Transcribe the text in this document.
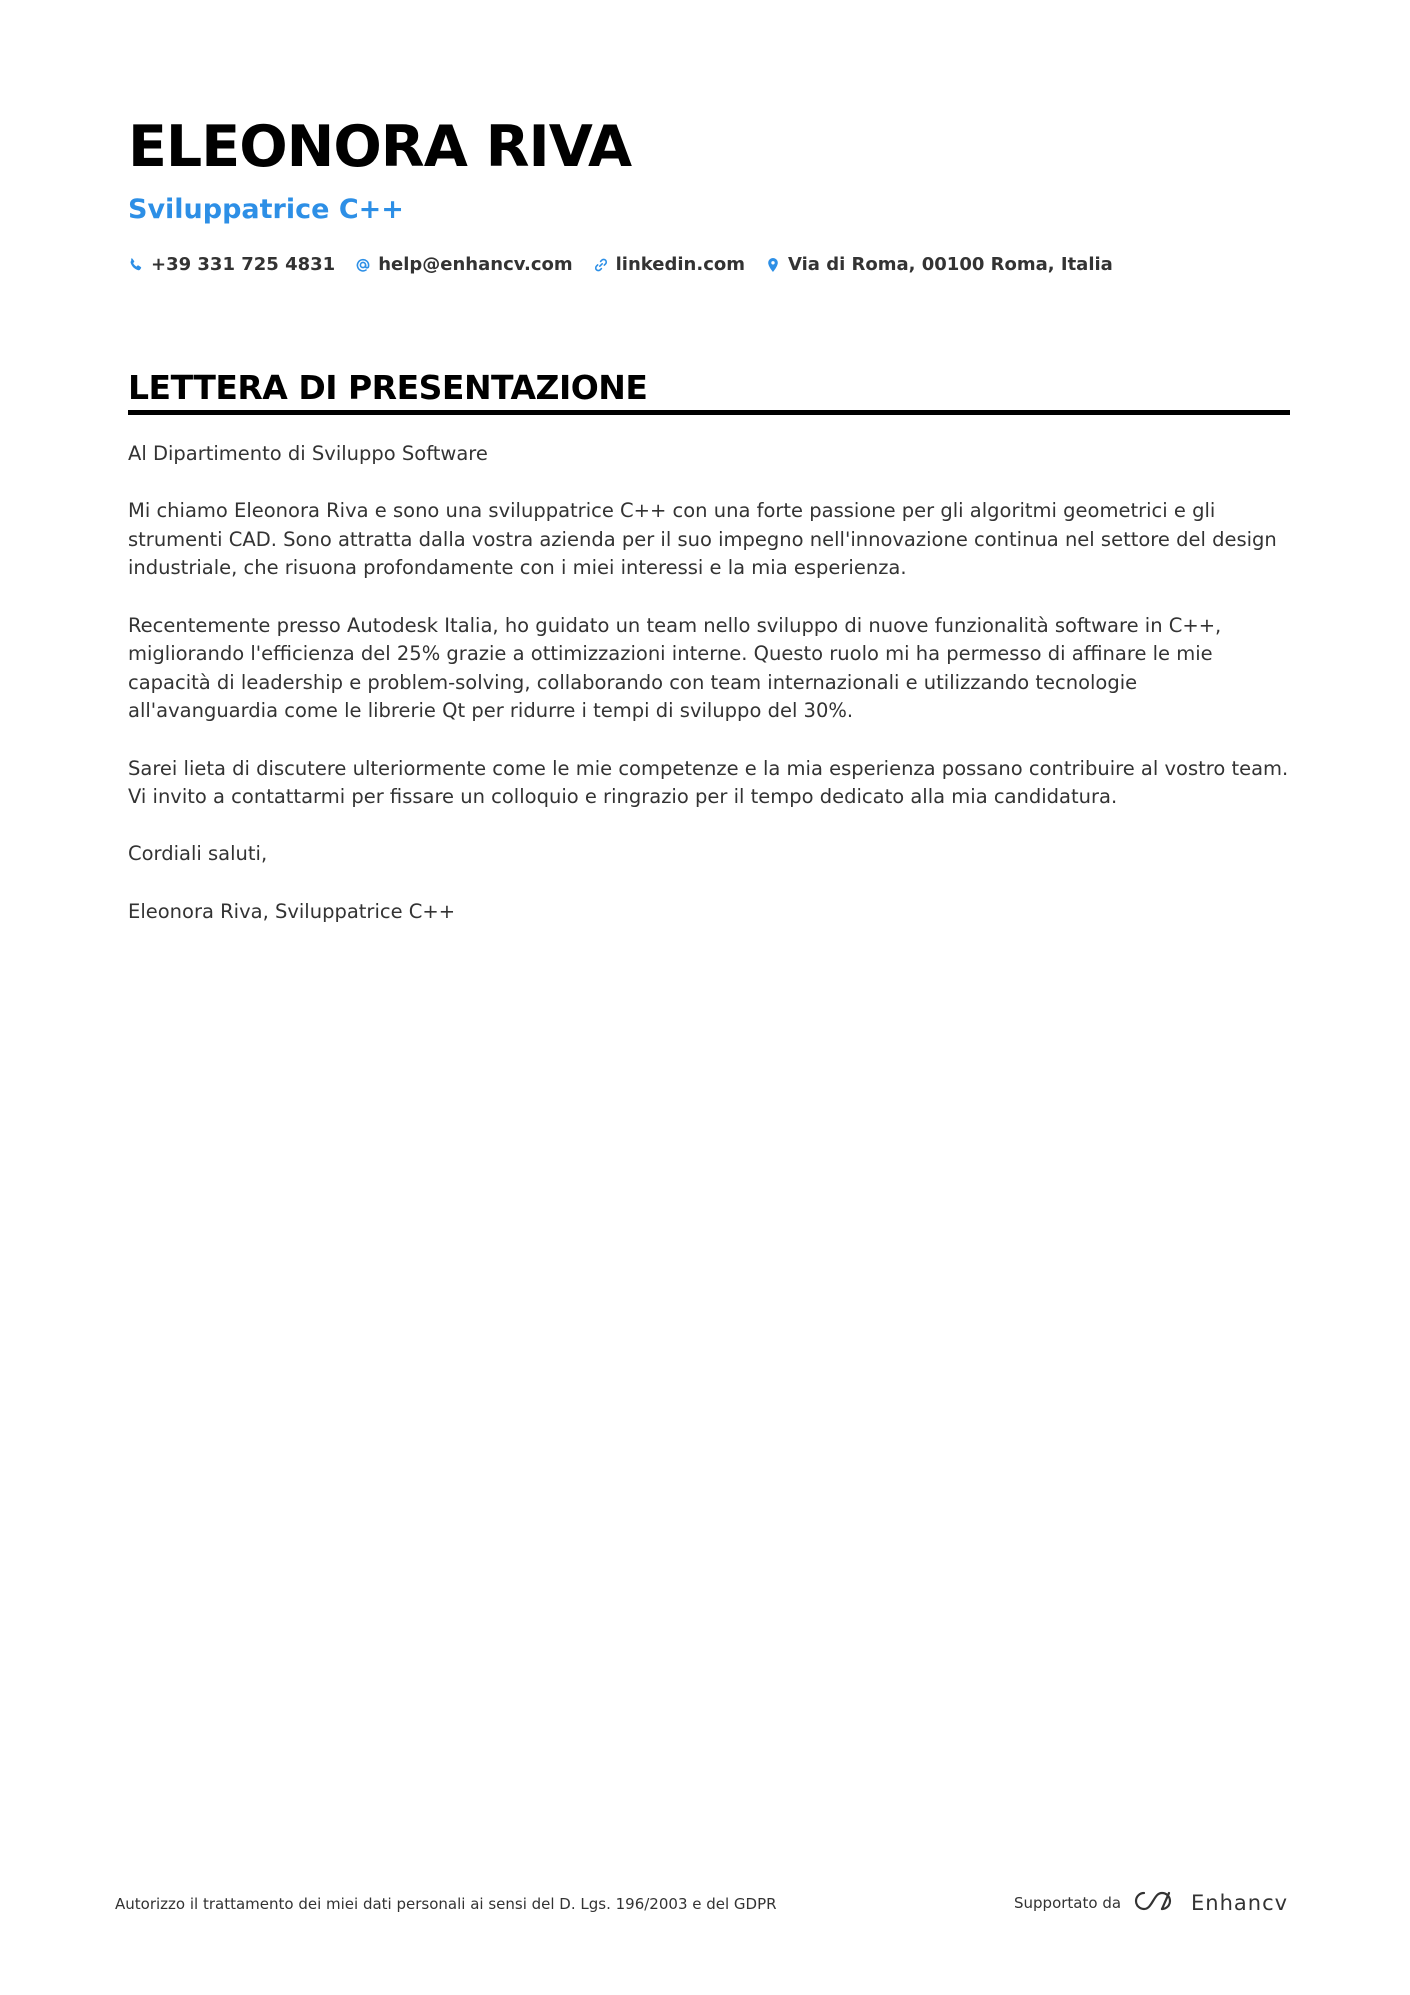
ELEONORA RIVA
Sviluppatrice C++
+39 331 725 4831 help@enhancv.com linkedin.com Via di Roma, 00100 Roma, Italia
LETTERA DI PRESENTAZIONE

Al Dipartimento di Sviluppo Software

Mi chiamo Eleonora Riva e sono una sviluppatrice C++ con una forte passione per gli algoritmi geometrici e gli strumenti CAD. Sono attratta dalla vostra azienda per il suo impegno nell'innovazione continua nel settore del design industriale, che risuona profondamente con i miei interessi e la mia esperienza.

Recentemente presso Autodesk Italia, ho guidato un team nello sviluppo di nuove funzionalità software in C++, migliorando l'efficienza del 25% grazie a ottimizzazioni interne. Questo ruolo mi ha permesso di affinare le mie capacità di leadership e problem-solving, collaborando con team internazionali e utilizzando tecnologie all'avanguardia come le librerie Qt per ridurre i tempi di sviluppo del 30%.

Sarei lieta di discutere ulteriormente come le mie competenze e la mia esperienza possano contribuire al vostro team. Vi invito a contattarmi per fissare un colloquio e ringrazio per il tempo dedicato alla mia candidatura.

Cordiali saluti,

Eleonora Riva, Sviluppatrice C++

Autorizzo il trattamento dei miei dati personali ai sensi del D. Lgs. 196/2003 e del GDPR	Supportato da	Enhancv
